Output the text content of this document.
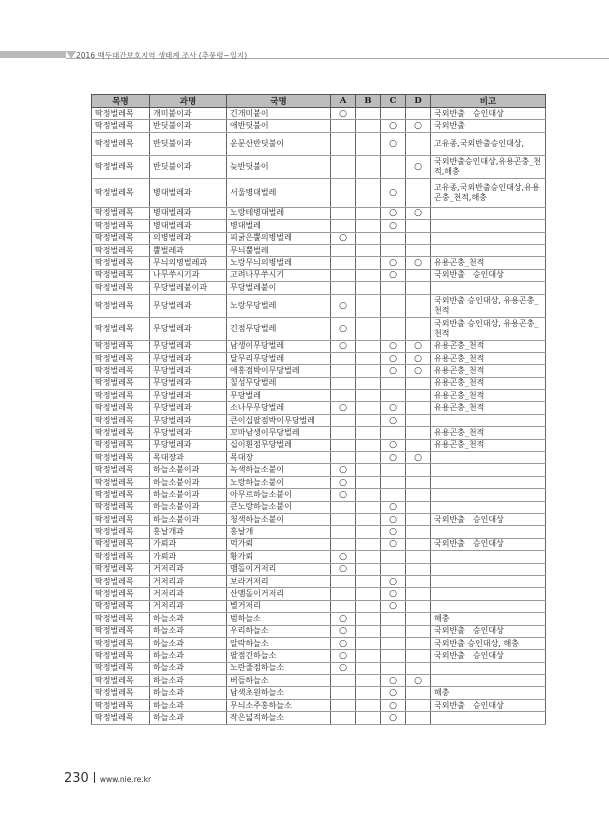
2016 백두대간보호지역 생태계 조사 (추풍령~일지)
목명	과명	국명	A	B	C	D	비고
딱정벌레목	개미붙이과	긴개미붙이	○				국외반출　승인대상
딱정벌레목	반딧불이과	애반딧불이			○	○	국외반출
딱정벌레목	반딧불이과	운문산반딧불이			○		고유종,국외반출승인대상,
딱정벌레목	반딧불이과	늦반딧불이				○	국외반출승인대상,유용곤충_천적,해충
딱정벌레목	병대벌레과	서울병대벌레			○		고유종,국외반출승인대상,유용곤충_천적,해충
딱정벌레목	병대벌레과	노랑테병대벌레			○	○	
딱정벌레목	병대벌레과	병대벌레			○		
딱정벌레목	의병벌레과	피굵은뿔의병벌레	○				
딱정벌레목	뿔벌레과	무늬뿔벌레					
딱정벌레목	무늬의병벌레과	노랑무늬의병벌레			○	○	유용곤충_천적
딱정벌레목	나무쑤시기과	고려나무쑤시기			○		국외반출　승인대상
딱정벌레목	무당벌레붙이과	무당벌레붙이					
딱정벌레목	무당벌레과	노랑무당벌레	○				국외반출 승인대상, 유용곤충_천적
딱정벌레목	무당벌레과	긴점무당벌레	○				국외반출 승인대상, 유용곤충_천적
딱정벌레목	무당벌레과	남생이무당벌레	○		○	○	유용곤충_천적
딱정벌레목	무당벌레과	달무리무당벌레			○	○	유용곤충_천적
딱정벌레목	무당벌레과	애홍점박이무당벌레			○	○	유용곤충_천적
딱정벌레목	무당벌레과	칠성무당벌레					유용곤충_천적
딱정벌레목	무당벌레과	무당벌레					유용곤충_천적
딱정벌레목	무당벌레과	소나무무당벌레	○		○		유용곤충_천적
딱정벌레목	무당벌레과	큰이십팔점박이무당벌레			○		
딱정벌레목	무당벌레과	꼬마남생이무당벌레					유용곤충_천적
딱정벌레목	무당벌레과	십이흰점무당벌레			○		유용곤충_천적
딱정벌레목	목대장과	목대장			○	○	
딱정벌레목	하늘소붙이과	녹색하늘소붙이	○				
딱정벌레목	하늘소붙이과	노랑하늘소붙이	○				
딱정벌레목	하늘소붙이과	아무르하늘소붙이	○				
딱정벌레목	하늘소붙이과	큰노랑하늘소붙이			○		
딱정벌레목	하늘소붙이과	청색하늘소붙이			○		국외반출　승인대상
딱정벌레목	홍날개과	홍날개			○		
딱정벌레목	가뢰과	먹가뢰			○		국외반출　승인대상
딱정벌레목	가뢰과	황가뢰	○				
딱정벌레목	거저리과	맴돌이거저리	○				
딱정벌레목	거저리과	보라거저리			○		
딱정벌레목	거저리과	산맴돌이거저리			○		
딱정벌레목	거저리과	별거저리			○		
딱정벌레목	하늘소과	범하늘소	○				해충
딱정벌레목	하늘소과	우리하늘소	○				국외반출　승인대상
딱정벌레목	하늘소과	알락하늘소	○				국외반출 승인대상, 해충
딱정벌레목	하늘소과	팔점긴하늘소	○				국외반출　승인대상
딱정벌레목	하늘소과	노란줄점하늘소	○				
딱정벌레목	하늘소과	버들하늘소			○	○	
딱정벌레목	하늘소과	남색초원하늘소			○		해충
딱정벌레목	하늘소과	무늬소주홍하늘소			○		국외반출　승인대상
딱정벌레목	하늘소과	작은넓적하늘소			○		
230 www.nie.re.kr
